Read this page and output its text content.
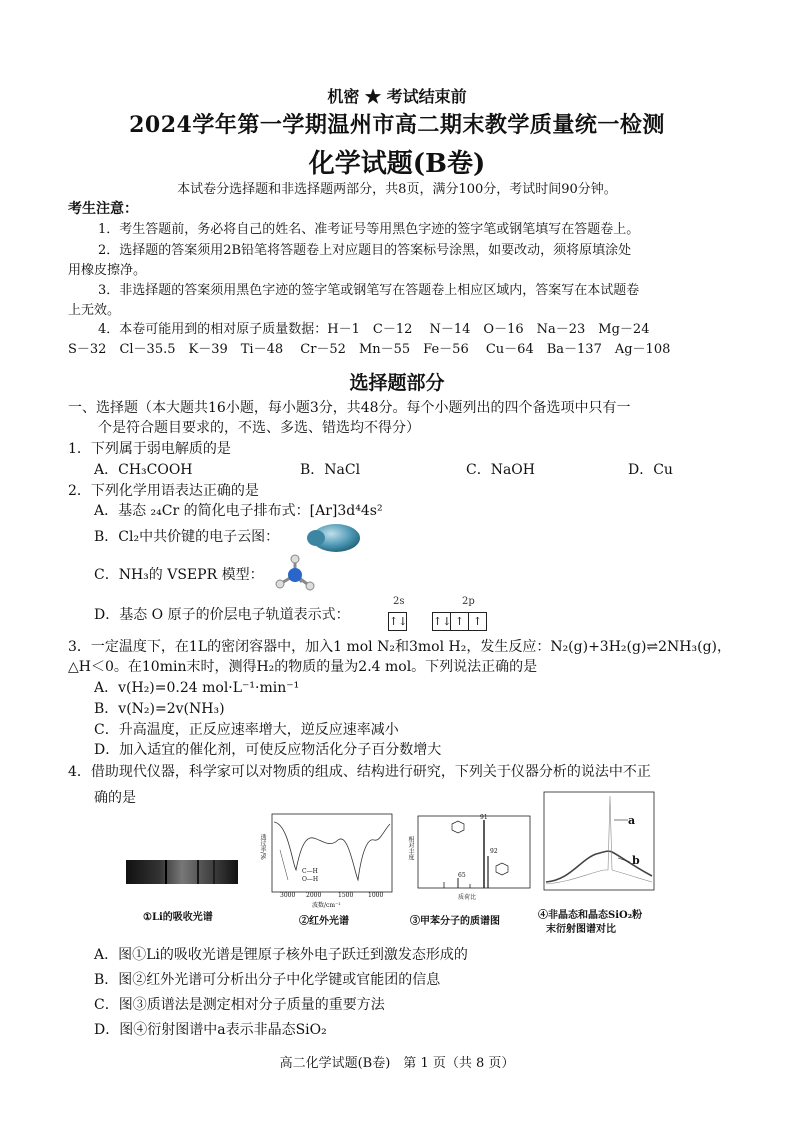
机密 ★ 考试结束前
2024学年第一学期温州市高二期末教学质量统一检测
化学试题(B卷)
本试卷分选择题和非选择题两部分，共8页，满分100分，考试时间90分钟。
考生注意：
1．考生答题前，务必将自己的姓名、准考证号等用黑色字迹的签字笔或钢笔填写在答题卷上。
2．选择题的答案须用2B铅笔将答题卷上对应题目的答案标号涂黑，如要改动，须将原填涂处
用橡皮擦净。
3．非选择题的答案须用黑色字迹的签字笔或钢笔写在答题卷上相应区域内，答案写在本试题卷
上无效。
4．本卷可能用到的相对原子质量数据：H－1　C－12　 N－14　O－16　Na－23　Mg－24
S－32　Cl－35.5　K－39　Ti－48　 Cr－52　Mn－55　Fe－56　 Cu－64　Ba－137　Ag－108
选择题部分
一、选择题（本大题共16小题，每小题3分，共48分。每个小题列出的四个备选项中只有一
个是符合题目要求的，不选、多选、错选均不得分）
1．下列属于弱电解质的是
A．CH₃COOH	B．NaCl	C．NaOH	D．Cu
2．下列化学用语表达正确的是
A．基态 ₂₄Cr 的简化电子排布式：[Ar]3d⁴4s²
B．Cl₂中共价键的电子云图：
C．NH₃的 VSEPR 模型：
D．基态 O 原子的价层电子轨道表示式：
2s	2p
↑↓ ↑↓ ↑ ↑
3．一定温度下，在1L的密闭容器中，加入1 mol N₂和3mol H₂，发生反应：N₂(g)+3H₂(g)⇌2NH₃(g)，
△H＜0。在10min末时，测得H₂的物质的量为2.4 mol。下列说法正确的是
A．v(H₂)=0.24 mol·L⁻¹·min⁻¹
B．v(N₂)=2v(NH₃)
C．升高温度，正反应速率增大，逆反应速率减小
D．加入适宜的催化剂，可使反应物活化分子百分数增大
4．借助现代仪器，科学家可以对物质的组成、结构进行研究，下列关于仪器分析的说法中不正
确的是
①Li的吸收光谱
透过率/%
C—H
O—H
3000 2000	1500 1000
波数/cm⁻¹
②红外光谱
相对丰度
91
92
65
质荷比
③甲苯分子的质谱图
a
b
④非晶态和晶态SiO₂粉
末衍射图谱对比
A．图①Li的吸收光谱是锂原子核外电子跃迁到激发态形成的
B．图②红外光谱可分析出分子中化学键或官能团的信息
C．图③质谱法是测定相对分子质量的重要方法
D．图④衍射图谱中a表示非晶态SiO₂
高二化学试题(B卷)　第 1 页（共 8 页）
